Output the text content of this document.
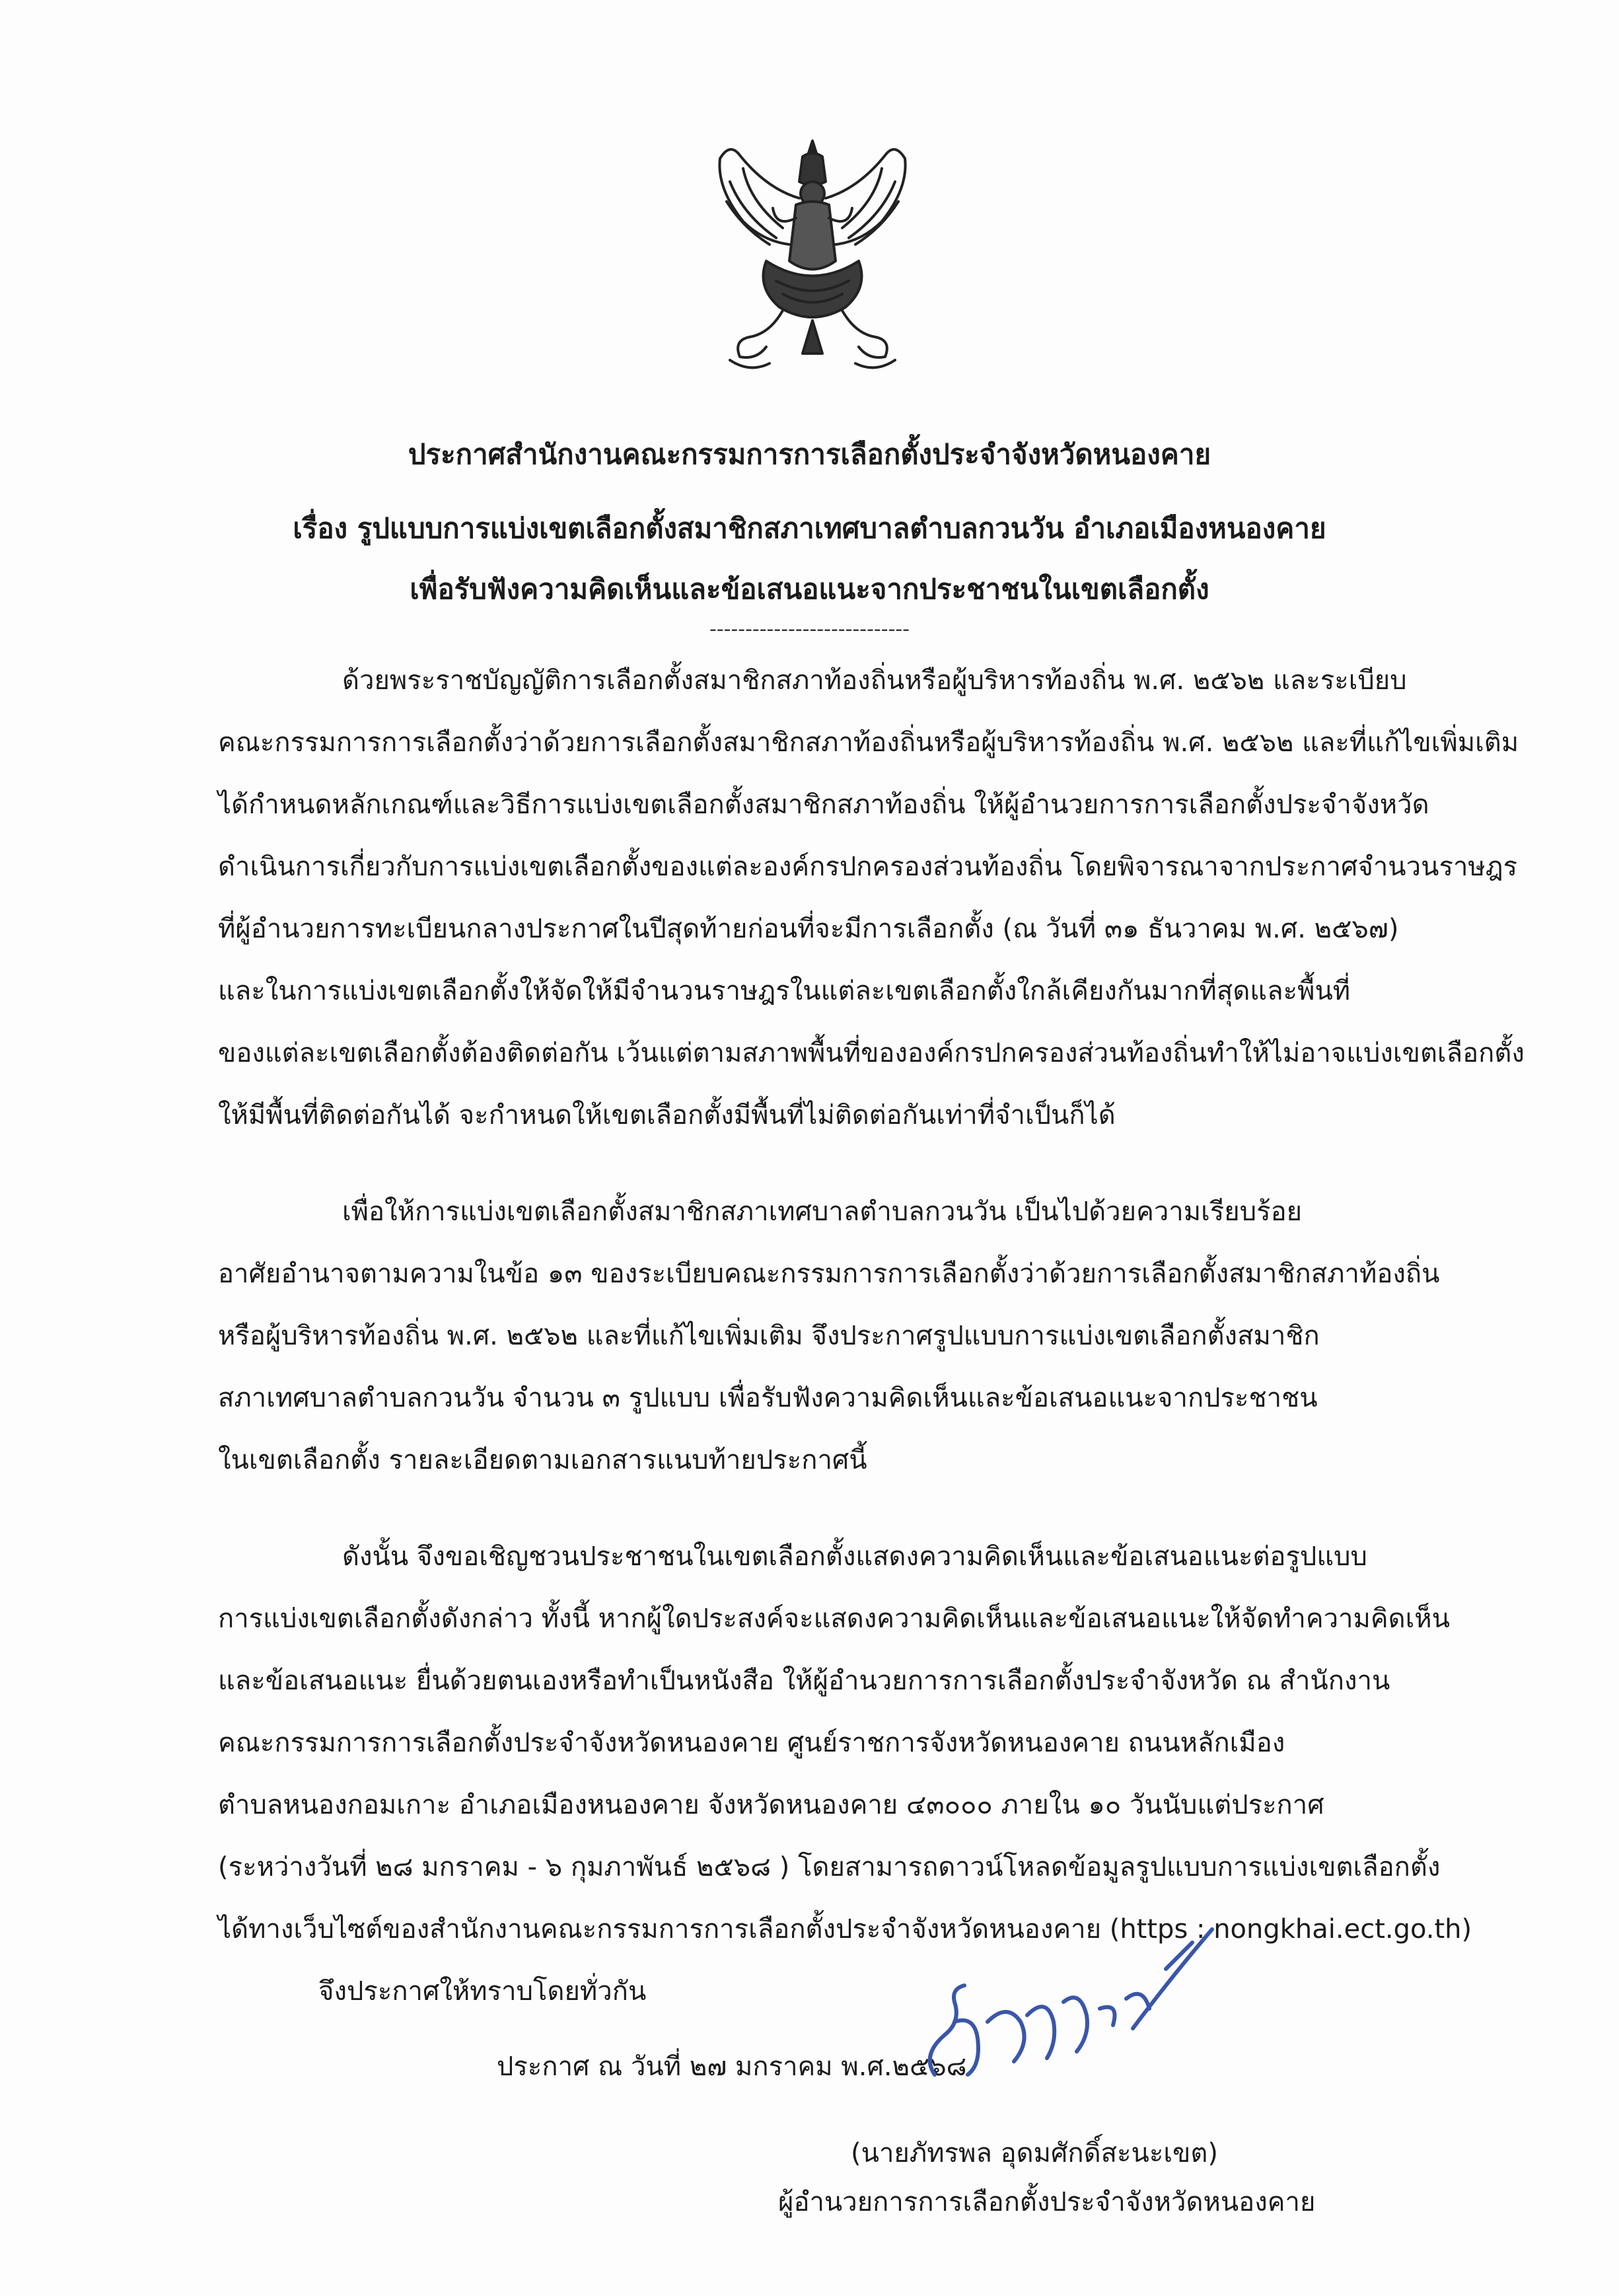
ประกาศสำนักงานคณะกรรมการการเลือกตั้งประจำจังหวัดหนองคาย
เรื่อง รูปแบบการแบ่งเขตเลือกตั้งสมาชิกสภาเทศบาลตำบลกวนวัน อำเภอเมืองหนองคาย
เพื่อรับฟังความคิดเห็นและข้อเสนอแนะจากประชาชนในเขตเลือกตั้ง
----------------------------
ด้วยพระราชบัญญัติการเลือกตั้งสมาชิกสภาท้องถิ่นหรือผู้บริหารท้องถิ่น พ.ศ. ๒๕๖๒ และระเบียบ
คณะกรรมการการเลือกตั้งว่าด้วยการเลือกตั้งสมาชิกสภาท้องถิ่นหรือผู้บริหารท้องถิ่น พ.ศ. ๒๕๖๒ และที่แก้ไขเพิ่มเติม
ได้กำหนดหลักเกณฑ์และวิธีการแบ่งเขตเลือกตั้งสมาชิกสภาท้องถิ่น ให้ผู้อำนวยการการเลือกตั้งประจำจังหวัด
ดำเนินการเกี่ยวกับการแบ่งเขตเลือกตั้งของแต่ละองค์กรปกครองส่วนท้องถิ่น โดยพิจารณาจากประกาศจำนวนราษฎร
ที่ผู้อำนวยการทะเบียนกลางประกาศในปีสุดท้ายก่อนที่จะมีการเลือกตั้ง (ณ วันที่ ๓๑ ธันวาคม พ.ศ. ๒๕๖๗)
และในการแบ่งเขตเลือกตั้งให้จัดให้มีจำนวนราษฎรในแต่ละเขตเลือกตั้งใกล้เคียงกันมากที่สุดและพื้นที่
ของแต่ละเขตเลือกตั้งต้องติดต่อกัน เว้นแต่ตามสภาพพื้นที่ขององค์กรปกครองส่วนท้องถิ่นทำให้ไม่อาจแบ่งเขตเลือกตั้ง
ให้มีพื้นที่ติดต่อกันได้ จะกำหนดให้เขตเลือกตั้งมีพื้นที่ไม่ติดต่อกันเท่าที่จำเป็นก็ได้
เพื่อให้การแบ่งเขตเลือกตั้งสมาชิกสภาเทศบาลตำบลกวนวัน เป็นไปด้วยความเรียบร้อย
อาศัยอำนาจตามความในข้อ ๑๓ ของระเบียบคณะกรรมการการเลือกตั้งว่าด้วยการเลือกตั้งสมาชิกสภาท้องถิ่น
หรือผู้บริหารท้องถิ่น พ.ศ. ๒๕๖๒ และที่แก้ไขเพิ่มเติม จึงประกาศรูปแบบการแบ่งเขตเลือกตั้งสมาชิก
สภาเทศบาลตำบลกวนวัน จำนวน ๓ รูปแบบ เพื่อรับฟังความคิดเห็นและข้อเสนอแนะจากประชาชน
ในเขตเลือกตั้ง รายละเอียดตามเอกสารแนบท้ายประกาศนี้
ดังนั้น จึงขอเชิญชวนประชาชนในเขตเลือกตั้งแสดงความคิดเห็นและข้อเสนอแนะต่อรูปแบบ
การแบ่งเขตเลือกตั้งดังกล่าว ทั้งนี้ หากผู้ใดประสงค์จะแสดงความคิดเห็นและข้อเสนอแนะให้จัดทำความคิดเห็น
และข้อเสนอแนะ ยื่นด้วยตนเองหรือทำเป็นหนังสือ ให้ผู้อำนวยการการเลือกตั้งประจำจังหวัด ณ สำนักงาน
คณะกรรมการการเลือกตั้งประจำจังหวัดหนองคาย ศูนย์ราชการจังหวัดหนองคาย ถนนหลักเมือง
ตำบลหนองกอมเกาะ อำเภอเมืองหนองคาย จังหวัดหนองคาย ๔๓๐๐๐ ภายใน ๑๐ วันนับแต่ประกาศ
(ระหว่างวันที่ ๒๘ มกราคม - ๖ กุมภาพันธ์ ๒๕๖๘ ) โดยสามารถดาวน์โหลดข้อมูลรูปแบบการแบ่งเขตเลือกตั้ง
ได้ทางเว็บไซต์ของสำนักงานคณะกรรมการการเลือกตั้งประจำจังหวัดหนองคาย (https : nongkhai.ect.go.th)
จึงประกาศให้ทราบโดยทั่วกัน
ประกาศ ณ วันที่ ๒๗ มกราคม พ.ศ.๒๕๖๘
(นายภัทรพล อุดมศักดิ์สะนะเขต)
ผู้อำนวยการการเลือกตั้งประจำจังหวัดหนองคาย
